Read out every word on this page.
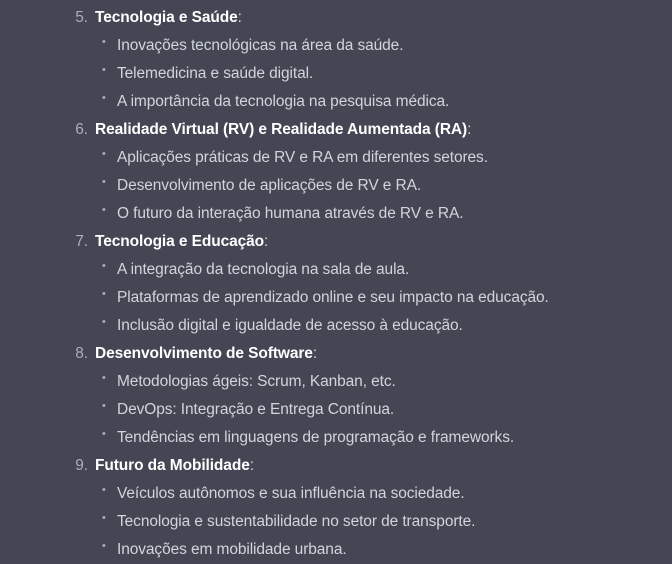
5. Tecnologia e Saúde:
• Inovações tecnológicas na área da saúde.
• Telemedicina e saúde digital.
• A importância da tecnologia na pesquisa médica.
6. Realidade Virtual (RV) e Realidade Aumentada (RA):
• Aplicações práticas de RV e RA em diferentes setores.
• Desenvolvimento de aplicações de RV e RA.
• O futuro da interação humana através de RV e RA.
7. Tecnologia e Educação:
• A integração da tecnologia na sala de aula.
• Plataformas de aprendizado online e seu impacto na educação.
• Inclusão digital e igualdade de acesso à educação.
8. Desenvolvimento de Software:
• Metodologias ágeis: Scrum, Kanban, etc.
• DevOps: Integração e Entrega Contínua.
• Tendências em linguagens de programação e frameworks.
9. Futuro da Mobilidade:
• Veículos autônomos e sua influência na sociedade.
• Tecnologia e sustentabilidade no setor de transporte.
• Inovações em mobilidade urbana.
